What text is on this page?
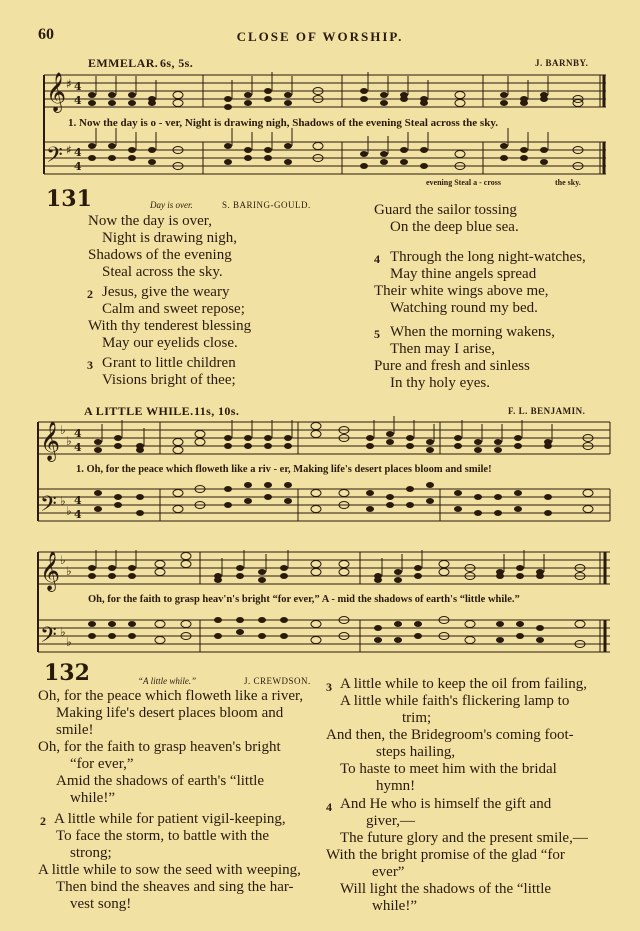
60	CLOSE OF WORSHIP.
EMMELAR. 6s, 5s.	J. BARNBY.
𝄞
𝄢
♯
♯
4
4
4
4
1. Now the day is o - ver, Night is drawing nigh, Shadows of the evening Steal across the sky.
evening Steal a - cross	the sky.
131	Day is over.	S. BARING-GOULD.
Now the day is over,
Night is drawing nigh,
Shadows of the evening
Steal across the sky.
2 Jesus, give the weary
Calm and sweet repose;
With thy tenderest blessing
May our eyelids close.
3 Grant to little children
Visions bright of thee;
Guard the sailor tossing
On the deep blue sea.
4 Through the long night-watches,
May thine angels spread
Their white wings above me,
Watching round my bed.
5 When the morning wakens,
Then may I arise,
Pure and fresh and sinless
In thy holy eyes.
A LITTLE WHILE. 11s, 10s.	F. L. BENJAMIN.
𝄞
𝄢
𝄞
𝄢
♭
♭
♭
♭
♭
♭
♭
♭
4
4
4
4
1. Oh, for the peace which floweth like a riv - er, Making life's desert places bloom and smile!
Oh, for the faith to grasp heav'n's bright “for ever,” A - mid the shadows of earth's “little while.”
132	“A little while.”	J. CREWDSON.
Oh, for the peace which floweth like a river,
Making life's desert places bloom and
smile!
Oh, for the faith to grasp heaven's bright
“for ever,”
Amid the shadows of earth's “little
while!”
2 A little while for patient vigil-keeping,
To face the storm, to battle with the
strong;
A little while to sow the seed with weeping,
Then bind the sheaves and sing the har-
vest song!
3 A little while to keep the oil from failing,
A little while faith's flickering lamp to
trim;
And then, the Bridegroom's coming foot-
steps hailing,
To haste to meet him with the bridal
hymn!
4 And He who is himself the gift and
giver,—
The future glory and the present smile,—
With the bright promise of the glad “for
ever”
Will light the shadows of the “little
while!”
